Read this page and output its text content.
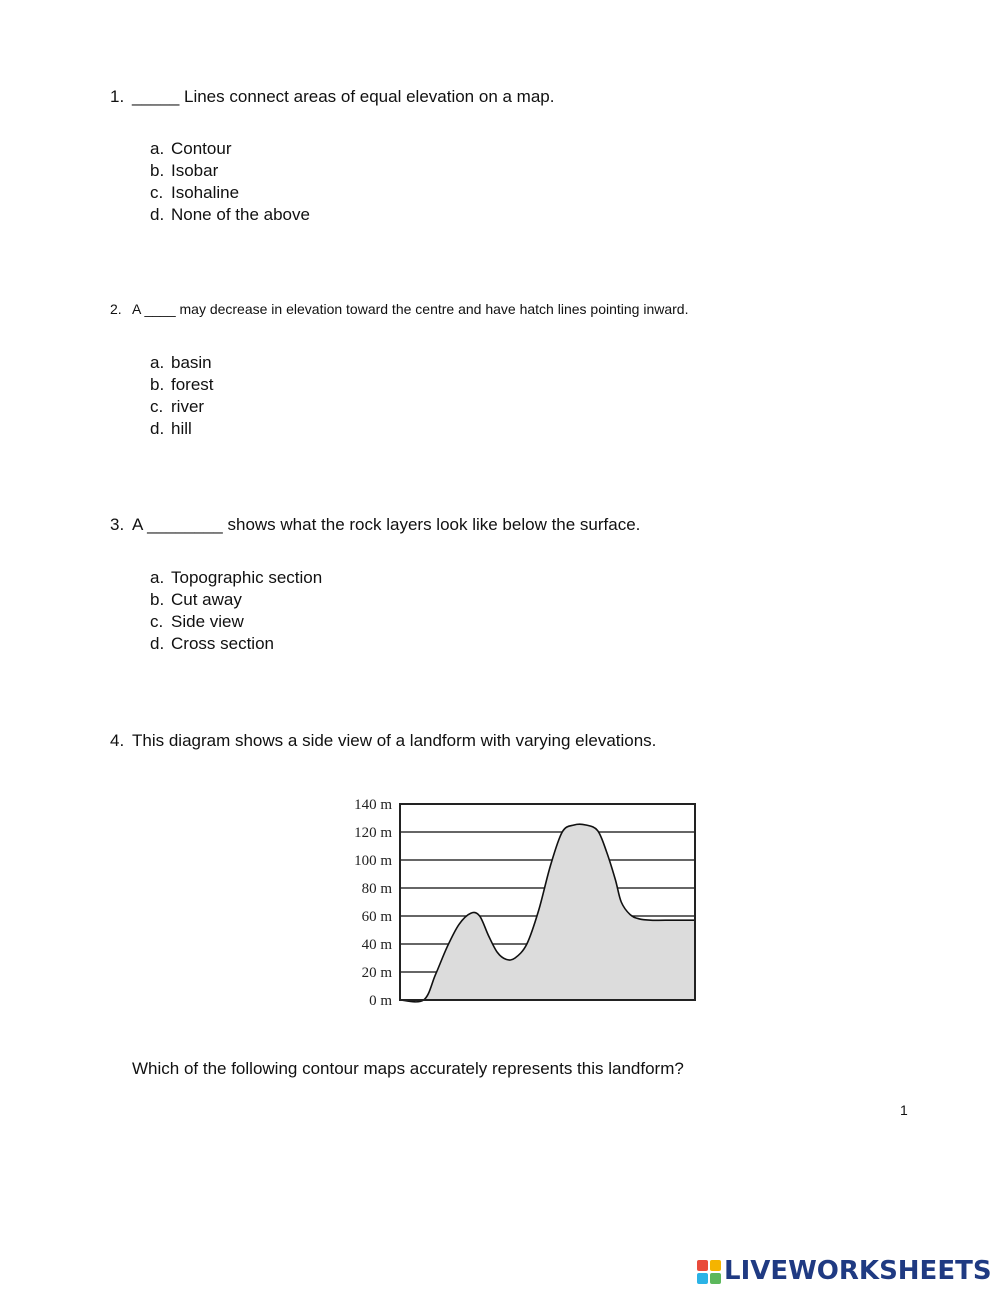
1. _____ Lines connect areas of equal elevation on a map.
a. Contour
b. Isobar
c. Isohaline
d. None of the above
2. A ____ may decrease in elevation toward the centre and have hatch lines pointing inward.
a. basin
b. forest
c. river
d. hill
3. A ________ shows what the rock layers look like below the surface.
a. Topographic section
b. Cut away
c. Side view
d. Cross section
4. This diagram shows a side view of a landform with varying elevations.
0 m
20 m
40 m
60 m
80 m
100 m
120 m
140 m
Which of the following contour maps accurately represents this landform?
1
LIVEWORKSHEETS
